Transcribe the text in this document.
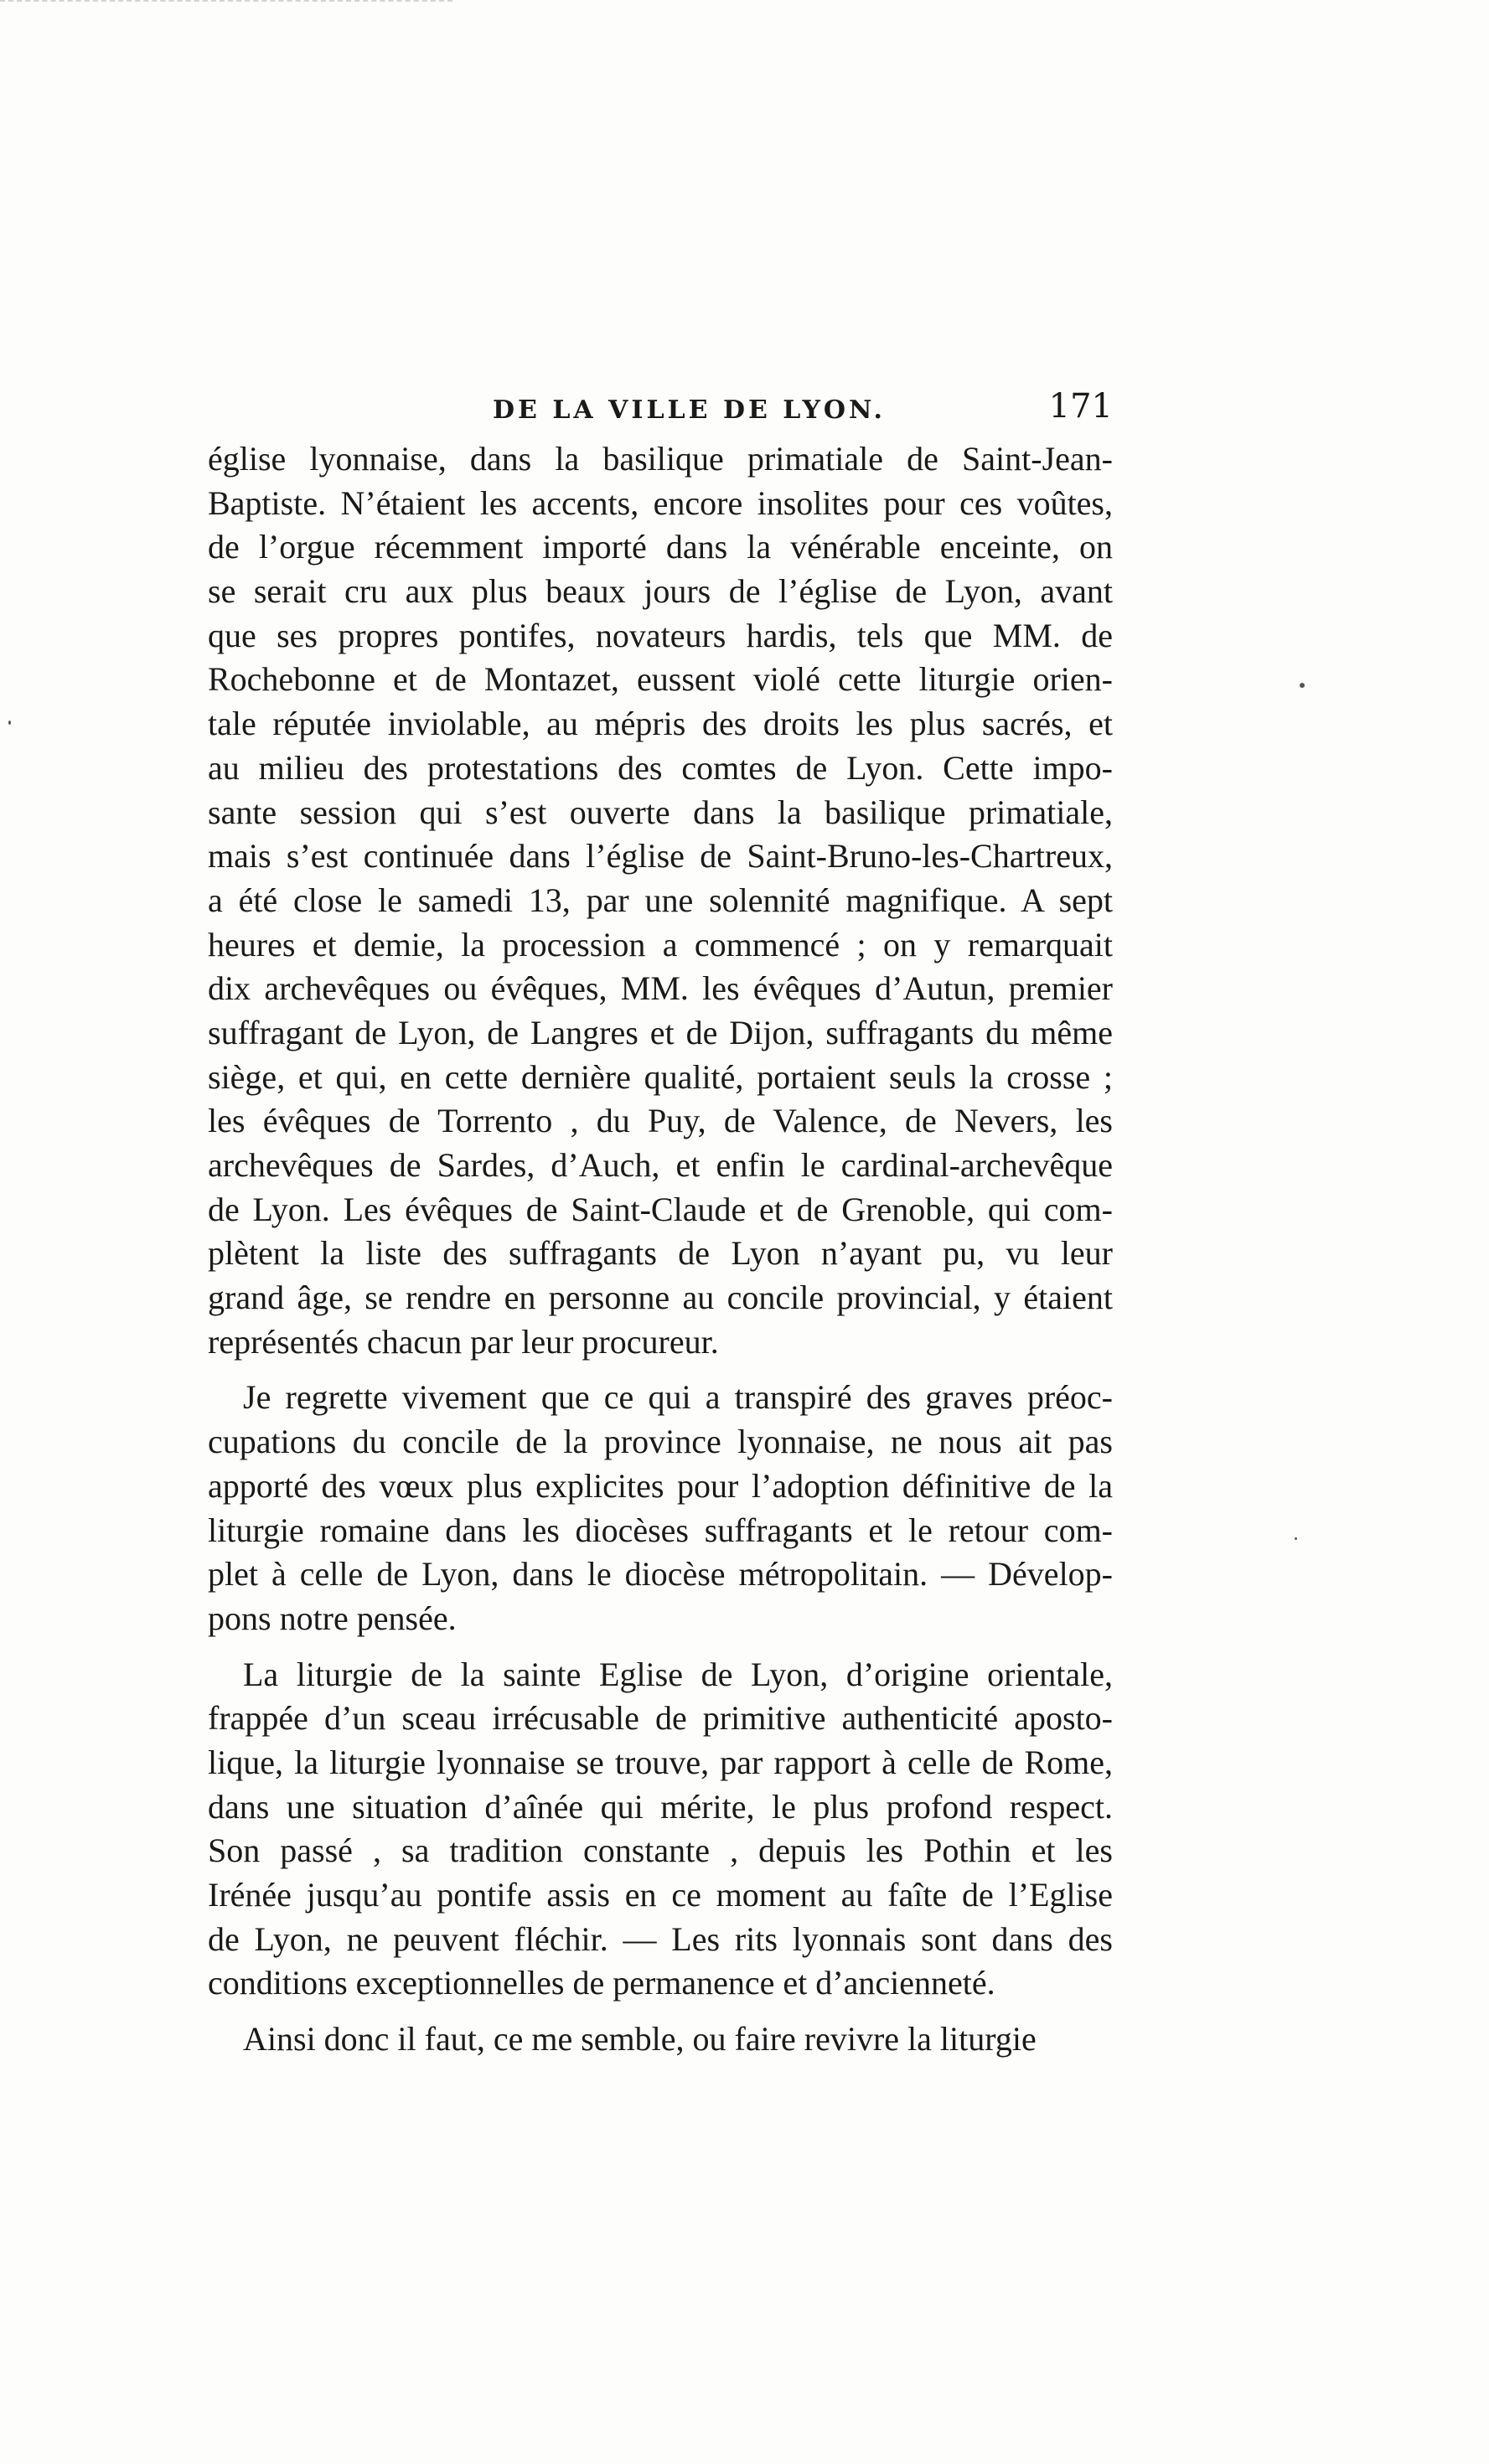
DE LA VILLE DE LYON.	171
église lyonnaise, dans la basilique primatiale de Saint-Jean-
Baptiste. N’étaient les accents, encore insolites pour ces voûtes,
de l’orgue récemment importé dans la vénérable enceinte, on
se serait cru aux plus beaux jours de l’église de Lyon, avant
que ses propres pontifes, novateurs hardis, tels que MM. de
Rochebonne et de Montazet, eussent violé cette liturgie orien-
tale réputée inviolable, au mépris des droits les plus sacrés, et
au milieu des protestations des comtes de Lyon. Cette impo-
sante session qui s’est ouverte dans la basilique primatiale,
mais s’est continuée dans l’église de Saint-Bruno-les-Chartreux,
a été close le samedi 13, par une solennité magnifique. A sept
heures et demie, la procession a commencé ; on y remarquait
dix archevêques ou évêques, MM. les évêques d’Autun, premier
suffragant de Lyon, de Langres et de Dijon, suffragants du même
siège, et qui, en cette dernière qualité, portaient seuls la crosse ;
les évêques de Torrento , du Puy, de Valence, de Nevers, les
archevêques de Sardes, d’Auch, et enfin le cardinal-archevêque
de Lyon. Les évêques de Saint-Claude et de Grenoble, qui com-
plètent la liste des suffragants de Lyon n’ayant pu, vu leur
grand âge, se rendre en personne au concile provincial, y étaient
représentés chacun par leur procureur.
Je regrette vivement que ce qui a transpiré des graves préoc-
cupations du concile de la province lyonnaise, ne nous ait pas
apporté des vœux plus explicites pour l’adoption définitive de la
liturgie romaine dans les diocèses suffragants et le retour com-
plet à celle de Lyon, dans le diocèse métropolitain. — Dévelop-
pons notre pensée.
La liturgie de la sainte Eglise de Lyon, d’origine orientale,
frappée d’un sceau irrécusable de primitive authenticité aposto-
lique, la liturgie lyonnaise se trouve, par rapport à celle de Rome,
dans une situation d’aînée qui mérite, le plus profond respect.
Son passé , sa tradition constante , depuis les Pothin et les
Irénée jusqu’au pontife assis en ce moment au faîte de l’Eglise
de Lyon, ne peuvent fléchir. — Les rits lyonnais sont dans des
conditions exceptionnelles de permanence et d’ancienneté.
Ainsi donc il faut, ce me semble, ou faire revivre la liturgie
